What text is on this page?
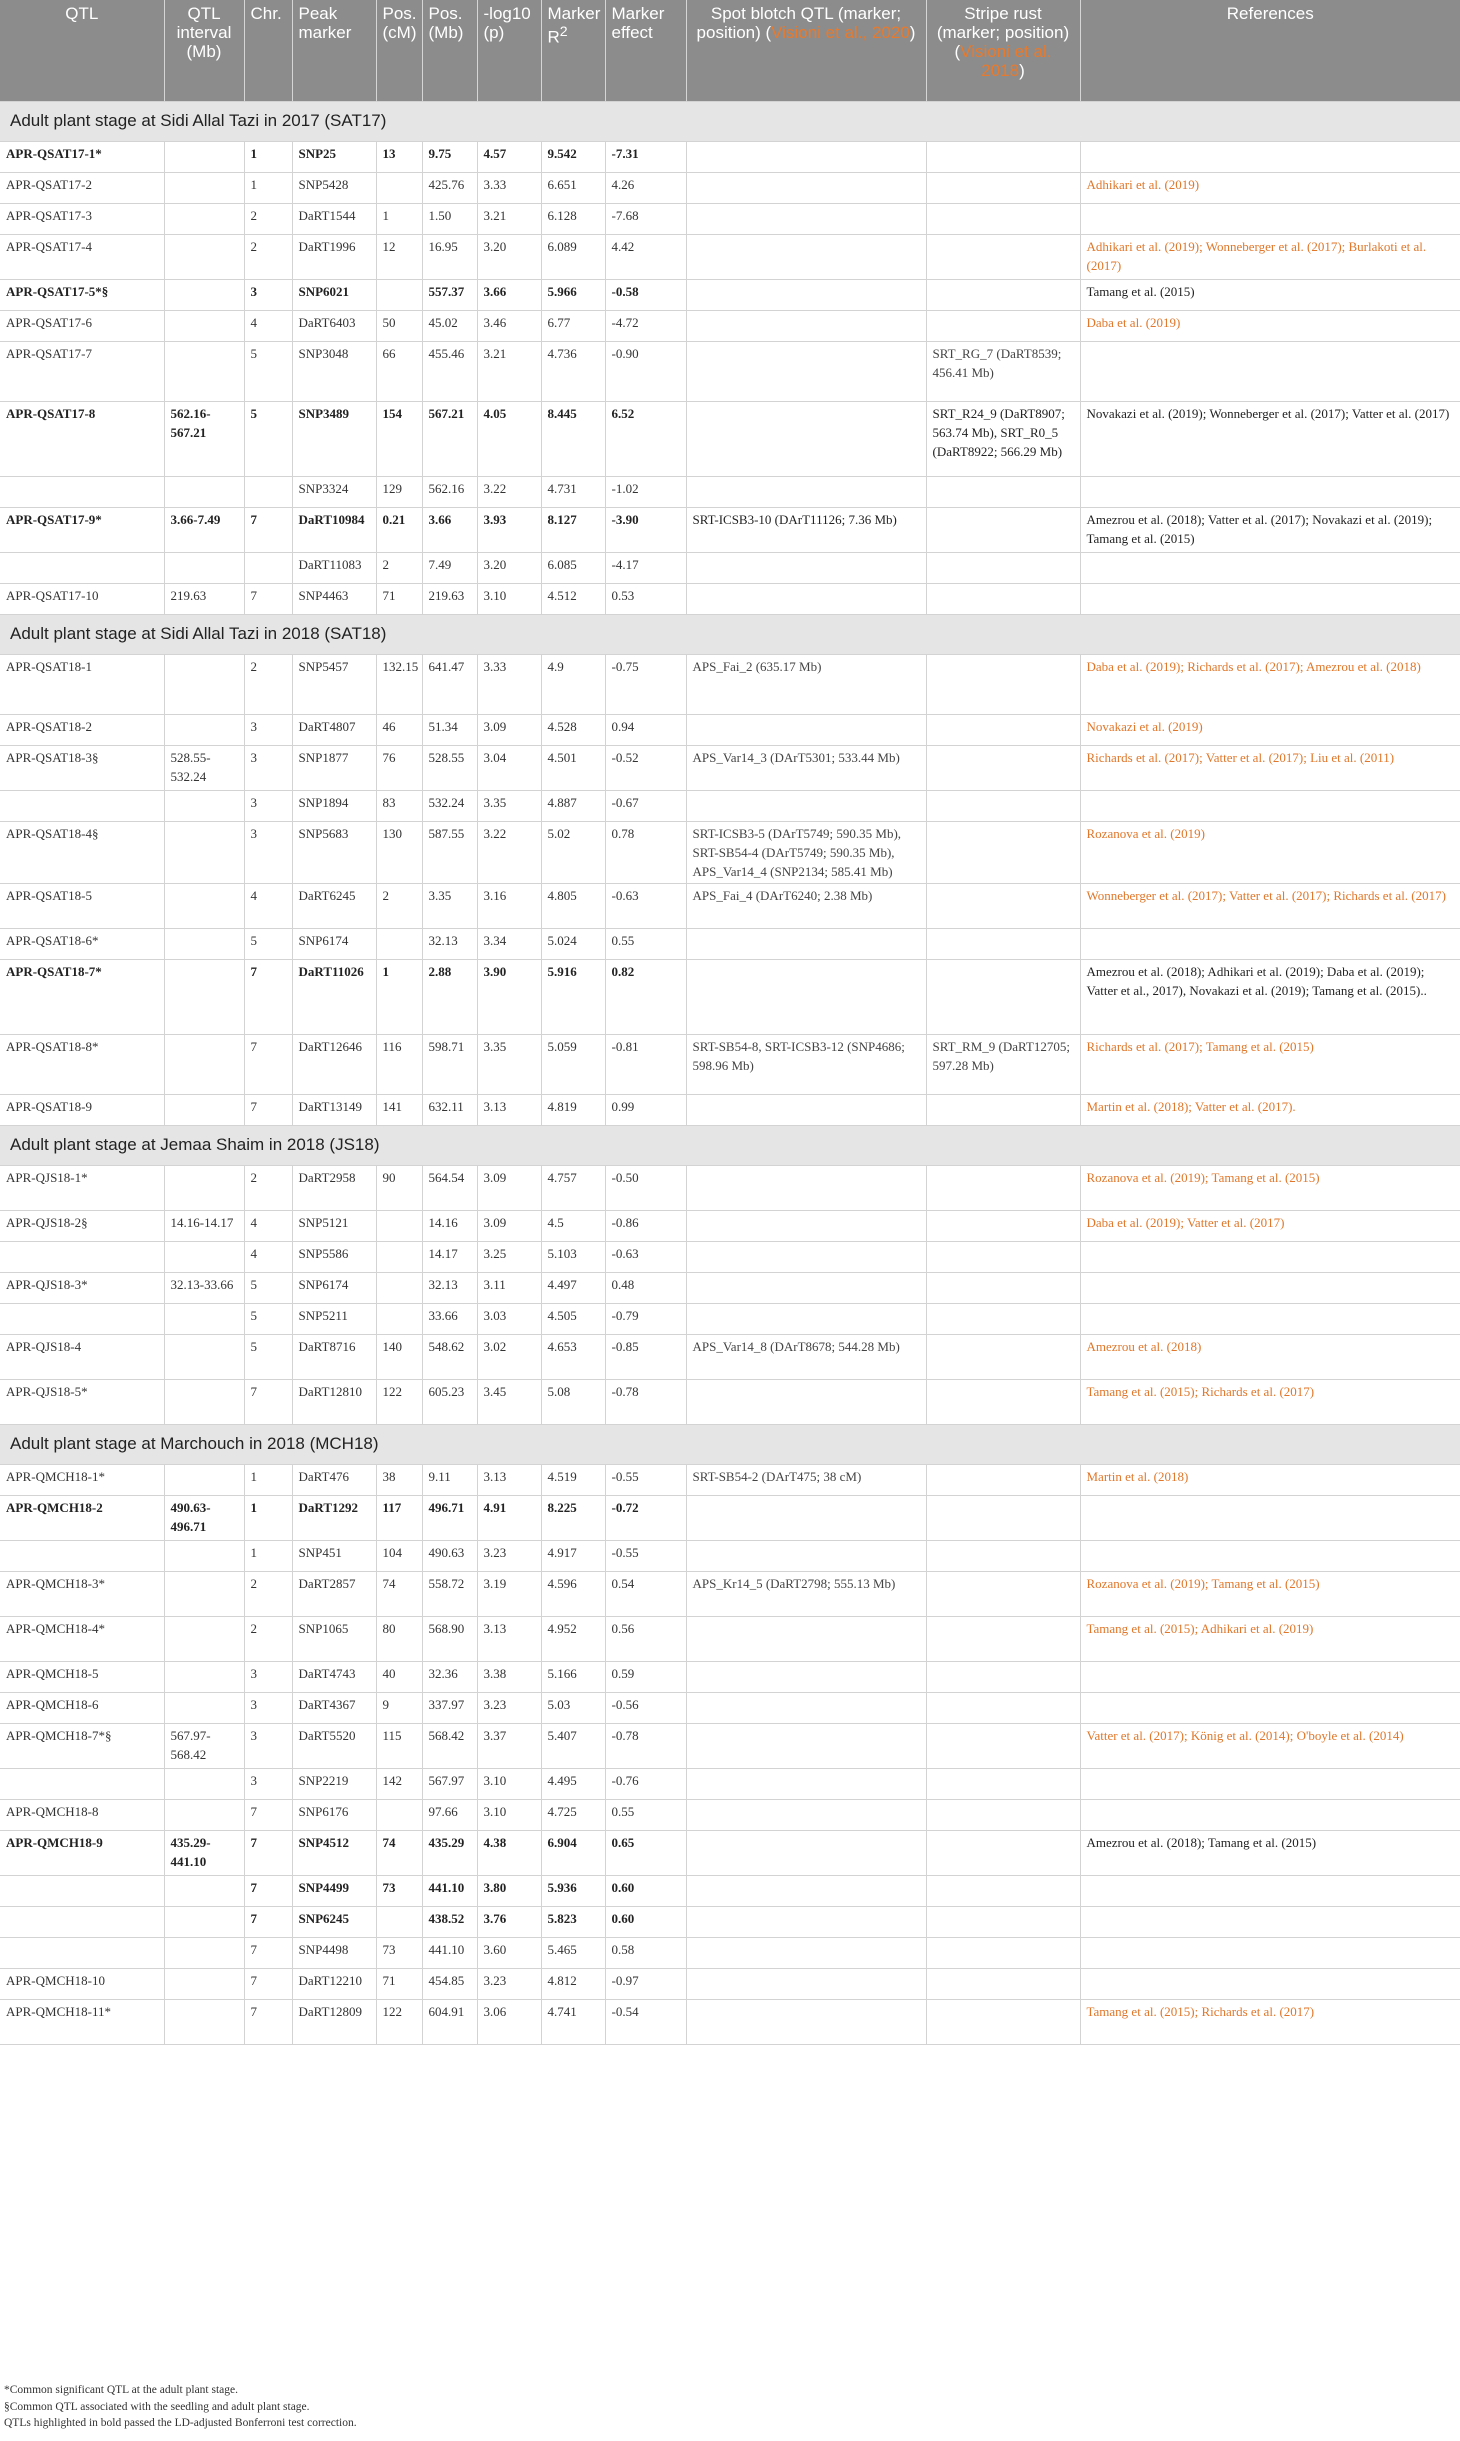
QTL	QTL interval (Mb)	Chr.	Peak marker	Pos. (cM)	Pos. (Mb)	-log10 (p)	Marker $R^2$	Marker effect	Spot blotch QTL (marker; position) (Visioni et al., 2020)	Stripe rust (marker; position) (Visioni et al. 2018)	References
Adult plant stage at Sidi Allal Tazi in 2017 (SAT17)											
APR-QSAT17-1*		1	SNP25	13	9.75	4.57	9.542	-7.31			
APR-QSAT17-2		1	SNP5428		425.76	3.33	6.651	4.26			Adhikari et al. (2019)
APR-QSAT17-3		2	DaRT1544	1	1.50	3.21	6.128	-7.68			
APR-QSAT17-4		2	DaRT1996	12	16.95	3.20	6.089	4.42			Adhikari et al. (2019); Wonneberger et al. (2017); Burlakoti et al. (2017)
APR-QSAT17-5*§		3	SNP6021		557.37	3.66	5.966	-0.58			Tamang et al. (2015)
APR-QSAT17-6		4	DaRT6403	50	45.02	3.46	6.77	-4.72			Daba et al. (2019)
APR-QSAT17-7		5	SNP3048	66	455.46	3.21	4.736	-0.90		SRT_RG_7 (DaRT8539; 456.41 Mb)	
APR-QSAT17-8	562.16-567.21	5	SNP3489	154	567.21	4.05	8.445	6.52		SRT_R24_9 (DaRT8907; 563.74 Mb), SRT_R0_5 (DaRT8922; 566.29 Mb)	Novakazi et al. (2019); Wonneberger et al. (2017); Vatter et al. (2017)
			SNP3324	129	562.16	3.22	4.731	-1.02			
APR-QSAT17-9*	3.66-7.49	7	DaRT10984	0.21	3.66	3.93	8.127	-3.90	SRT-ICSB3-10 (DArT11126; 7.36 Mb)		Amezrou et al. (2018); Vatter et al. (2017); Novakazi et al. (2019); Tamang et al. (2015)
			DaRT11083	2	7.49	3.20	6.085	-4.17			
APR-QSAT17-10	219.63	7	SNP4463	71	219.63	3.10	4.512	0.53			
Adult plant stage at Sidi Allal Tazi in 2018 (SAT18)											
APR-QSAT18-1		2	SNP5457	132.15	641.47	3.33	4.9	-0.75	APS_Fai_2 (635.17 Mb)		Daba et al. (2019); Richards et al. (2017); Amezrou et al. (2018)
APR-QSAT18-2		3	DaRT4807	46	51.34	3.09	4.528	0.94			Novakazi et al. (2019)
APR-QSAT18-3§	528.55-532.24	3	SNP1877	76	528.55	3.04	4.501	-0.52	APS_Var14_3 (DArT5301; 533.44 Mb)		Richards et al. (2017); Vatter et al. (2017); Liu et al. (2011)
		3	SNP1894	83	532.24	3.35	4.887	-0.67			
APR-QSAT18-4§		3	SNP5683	130	587.55	3.22	5.02	0.78	SRT-ICSB3-5 (DArT5749; 590.35 Mb), SRT-SB54-4 (DArT5749; 590.35 Mb), APS_Var14_4 (SNP2134; 585.41 Mb)		Rozanova et al. (2019)
APR-QSAT18-5		4	DaRT6245	2	3.35	3.16	4.805	-0.63	APS_Fai_4 (DArT6240; 2.38 Mb)		Wonneberger et al. (2017); Vatter et al. (2017); Richards et al. (2017)
APR-QSAT18-6*		5	SNP6174		32.13	3.34	5.024	0.55			
APR-QSAT18-7*		7	DaRT11026	1	2.88	3.90	5.916	0.82			Amezrou et al. (2018); Adhikari et al. (2019); Daba et al. (2019); Vatter et al., 2017), Novakazi et al. (2019); Tamang et al. (2015)..
APR-QSAT18-8*		7	DaRT12646	116	598.71	3.35	5.059	-0.81	SRT-SB54-8, SRT-ICSB3-12 (SNP4686; 598.96 Mb)	SRT_RM_9 (DaRT12705; 597.28 Mb)	Richards et al. (2017); Tamang et al. (2015)
APR-QSAT18-9		7	DaRT13149	141	632.11	3.13	4.819	0.99			Martin et al. (2018); Vatter et al. (2017).
Adult plant stage at Jemaa Shaim in 2018 (JS18)											
APR-QJS18-1*		2	DaRT2958	90	564.54	3.09	4.757	-0.50			Rozanova et al. (2019); Tamang et al. (2015)
APR-QJS18-2§	14.16-14.17	4	SNP5121		14.16	3.09	4.5	-0.86			Daba et al. (2019); Vatter et al. (2017)
		4	SNP5586		14.17	3.25	5.103	-0.63			
APR-QJS18-3*	32.13-33.66	5	SNP6174		32.13	3.11	4.497	0.48			
		5	SNP5211		33.66	3.03	4.505	-0.79			
APR-QJS18-4		5	DaRT8716	140	548.62	3.02	4.653	-0.85	APS_Var14_8 (DArT8678; 544.28 Mb)		Amezrou et al. (2018)
APR-QJS18-5*		7	DaRT12810	122	605.23	3.45	5.08	-0.78			Tamang et al. (2015); Richards et al. (2017)
Adult plant stage at Marchouch in 2018 (MCH18)											
APR-QMCH18-1*		1	DaRT476	38	9.11	3.13	4.519	-0.55	SRT-SB54-2 (DArT475; 38 cM)		Martin et al. (2018)
APR-QMCH18-2	490.63-496.71	1	DaRT1292	117	496.71	4.91	8.225	-0.72			
		1	SNP451	104	490.63	3.23	4.917	-0.55			
APR-QMCH18-3*		2	DaRT2857	74	558.72	3.19	4.596	0.54	APS_Kr14_5 (DaRT2798; 555.13 Mb)		Rozanova et al. (2019); Tamang et al. (2015)
APR-QMCH18-4*		2	SNP1065	80	568.90	3.13	4.952	0.56			Tamang et al. (2015); Adhikari et al. (2019)
APR-QMCH18-5		3	DaRT4743	40	32.36	3.38	5.166	0.59			
APR-QMCH18-6		3	DaRT4367	9	337.97	3.23	5.03	-0.56			
APR-QMCH18-7*§	567.97-568.42	3	DaRT5520	115	568.42	3.37	5.407	-0.78			Vatter et al. (2017); König et al. (2014); O'boyle et al. (2014)
		3	SNP2219	142	567.97	3.10	4.495	-0.76			
APR-QMCH18-8		7	SNP6176		97.66	3.10	4.725	0.55			
APR-QMCH18-9	435.29-441.10	7	SNP4512	74	435.29	4.38	6.904	0.65			Amezrou et al. (2018); Tamang et al. (2015)
		7	SNP4499	73	441.10	3.80	5.936	0.60			
		7	SNP6245		438.52	3.76	5.823	0.60			
		7	SNP4498	73	441.10	3.60	5.465	0.58			
APR-QMCH18-10		7	DaRT12210	71	454.85	3.23	4.812	-0.97			
APR-QMCH18-11*		7	DaRT12809	122	604.91	3.06	4.741	-0.54			Tamang et al. (2015); Richards et al. (2017)
*Common significant QTL at the adult plant stage.
§Common QTL associated with the seedling and adult plant stage.
QTLs highlighted in bold passed the LD-adjusted Bonferroni test correction.
